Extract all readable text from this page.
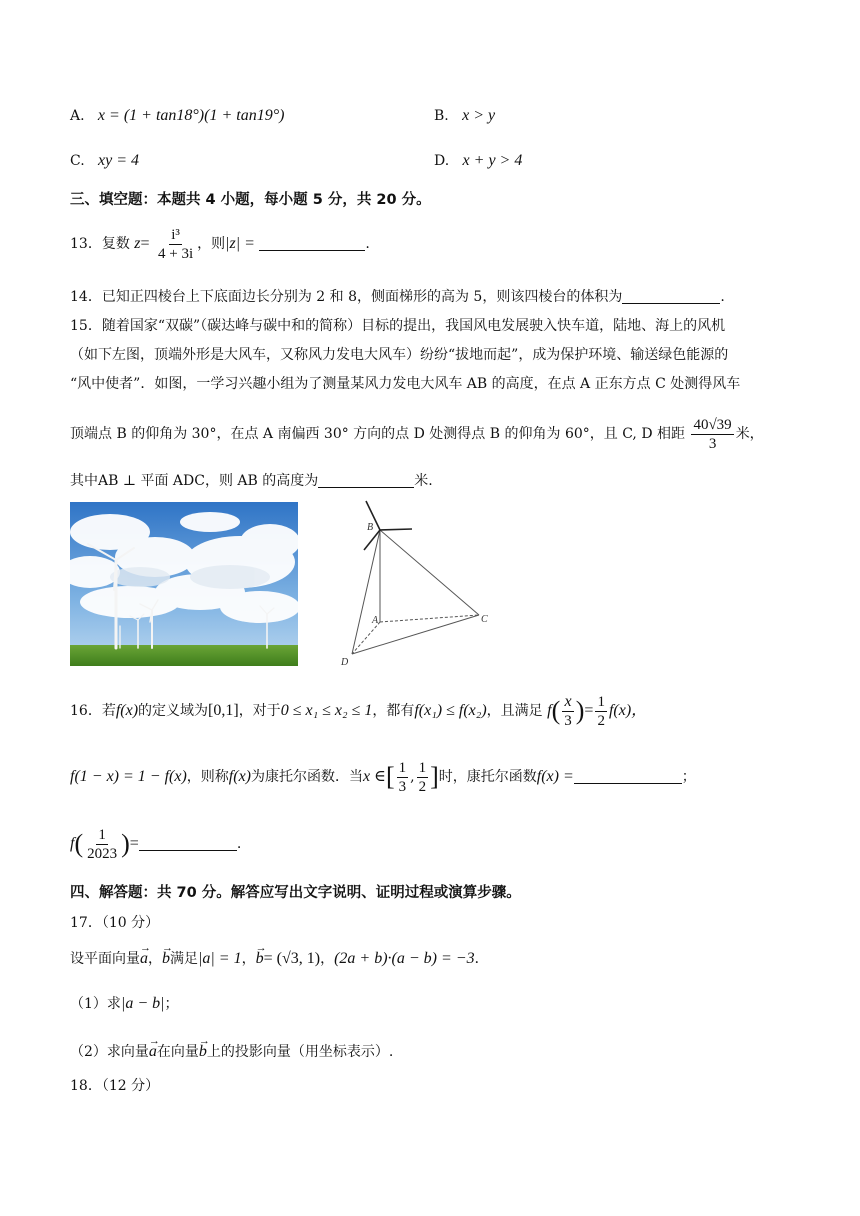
A. x = (1 + tan18°)(1 + tan19°)	B. x > y
C. xy = 4	D. x + y > 4
三、填空题：本题共 4 小题，每小题 5 分，共 20 分。
13．复数 $z= \frac{\text{i³}}{4 + 3i}$ ，则|z| =	.
14．已知正四棱台上下底面边长分别为 2 和 8，侧面梯形的高为 5，则该四棱台的体积为	.
15．随着国家“双碳”（碳达峰与碳中和的简称）目标的提出，我国风电发展驶入快车道，陆地、海上的风机
（如下左图，顶端外形是大风车，又称风力发电大风车）纷纷“拔地而起”，成为保护环境、输送绿色能源的
“风中使者”．如图，一学习兴趣小组为了测量某风力发电大风车 AB 的高度，在点 A 正东方点 C 处测得风车
顶端点 B 的仰角为 30°，在点 A 南偏西 30° 方向的点 D 处测得点 B 的仰角为 60°，且 C, D 相距 $\frac{40√39}{3}$ 米，
其中AB ⊥ 平面 ADC，则 AB 的高度为	米.
B
A	C
D
16．若f(x)的定义域为[0,1]，对于0 ≤ x₁ ≤ x₂ ≤ 1，都有f(x₁) ≤ f(x₂)，且满足 $f( \frac{x}{3}$ )= $\frac{1}{2} f(x)$，
f(1 − x) = 1 − f(x)，则称f(x)为康托尔函数．当x ∈[ $\frac{1}{3}$ , $\frac{1}{2}$ ]时，康托尔函数f(x) =	；
$f( \frac{1}{2023}$ )=	.
四、解答题：共 70 分。解答应写出文字说明、证明过程或演算步骤。
17．（10 分）
设平面向量→ a，→ b满足|a| = 1，→ b= (√3, 1)，(2a + b)·(a − b) = −3．
（1）求|a − b|；
（2）求向量→ a在向量→ b上的投影向量（用坐标表示）.
18．（12 分）
